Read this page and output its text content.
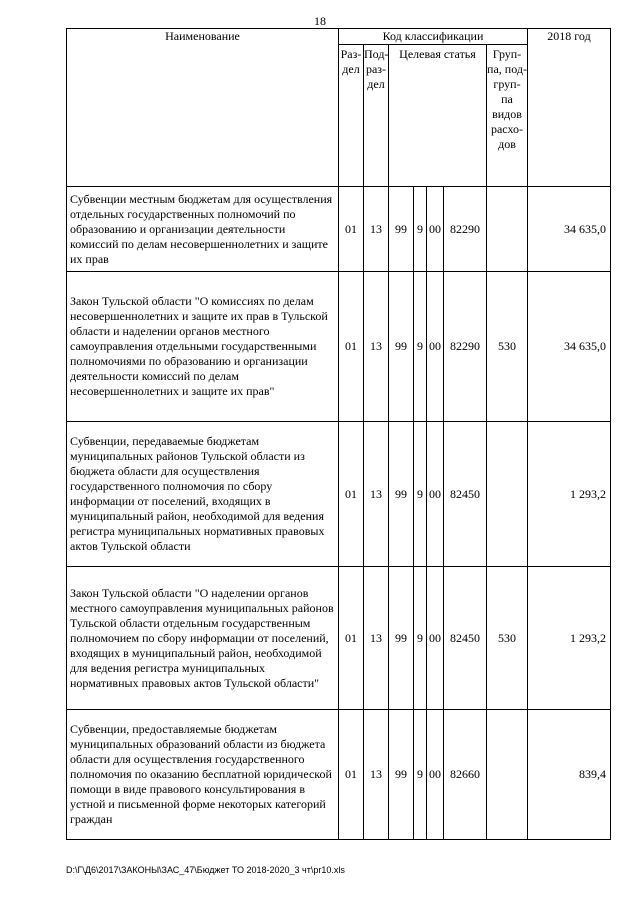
18
Наименование	Код классификации							2018 год
	Раз- дел	Под- раз- дел	Целевая статья				Груп- па, под- груп- па видов расхо- дов	
Субвенции местным бюджетам для осуществления отдельных государственных полномочий по образованию и организации деятельности комиссий по делам несовершеннолетних и защите их прав	01	13	99	9	00	82290		34 635,0
Закон Тульской области "О комиссиях по делам несовершеннолетних и защите их прав в Тульской области и наделении органов местного самоуправления отдельными государственными полномочиями по образованию и организации деятельности комиссий по делам несовершеннолетних и защите их прав"	01	13	99	9	00	82290	530	34 635,0
Субвенции, передаваемые бюджетам муниципальных районов Тульской области из бюджета области для осуществления государственного полномочия по сбору информации от поселений, входящих в муниципальный район, необходимой для ведения регистра муниципальных нормативных правовых актов Тульской области	01	13	99	9	00	82450		1 293,2
Закон Тульской области "О наделении органов местного самоуправления муниципальных районов Тульской области отдельным государственным полномочием по сбору информации от поселений, входящих в муниципальный район, необходимой для ведения регистра муниципальных нормативных правовых актов Тульской области"	01	13	99	9	00	82450	530	1 293,2
Субвенции, предоставляемые бюджетам муниципальных образований области из бюджета области для осуществления государственного полномочия по оказанию бесплатной юридической помощи в виде правового консультирования в устной и письменной форме некоторых категорий граждан	01	13	99	9	00	82660		839,4
D:\Г\Д6\2017\ЗАКОНЫ\ЗАС_47\Бюджет ТО 2018-2020_3 чт\pr10.xls
